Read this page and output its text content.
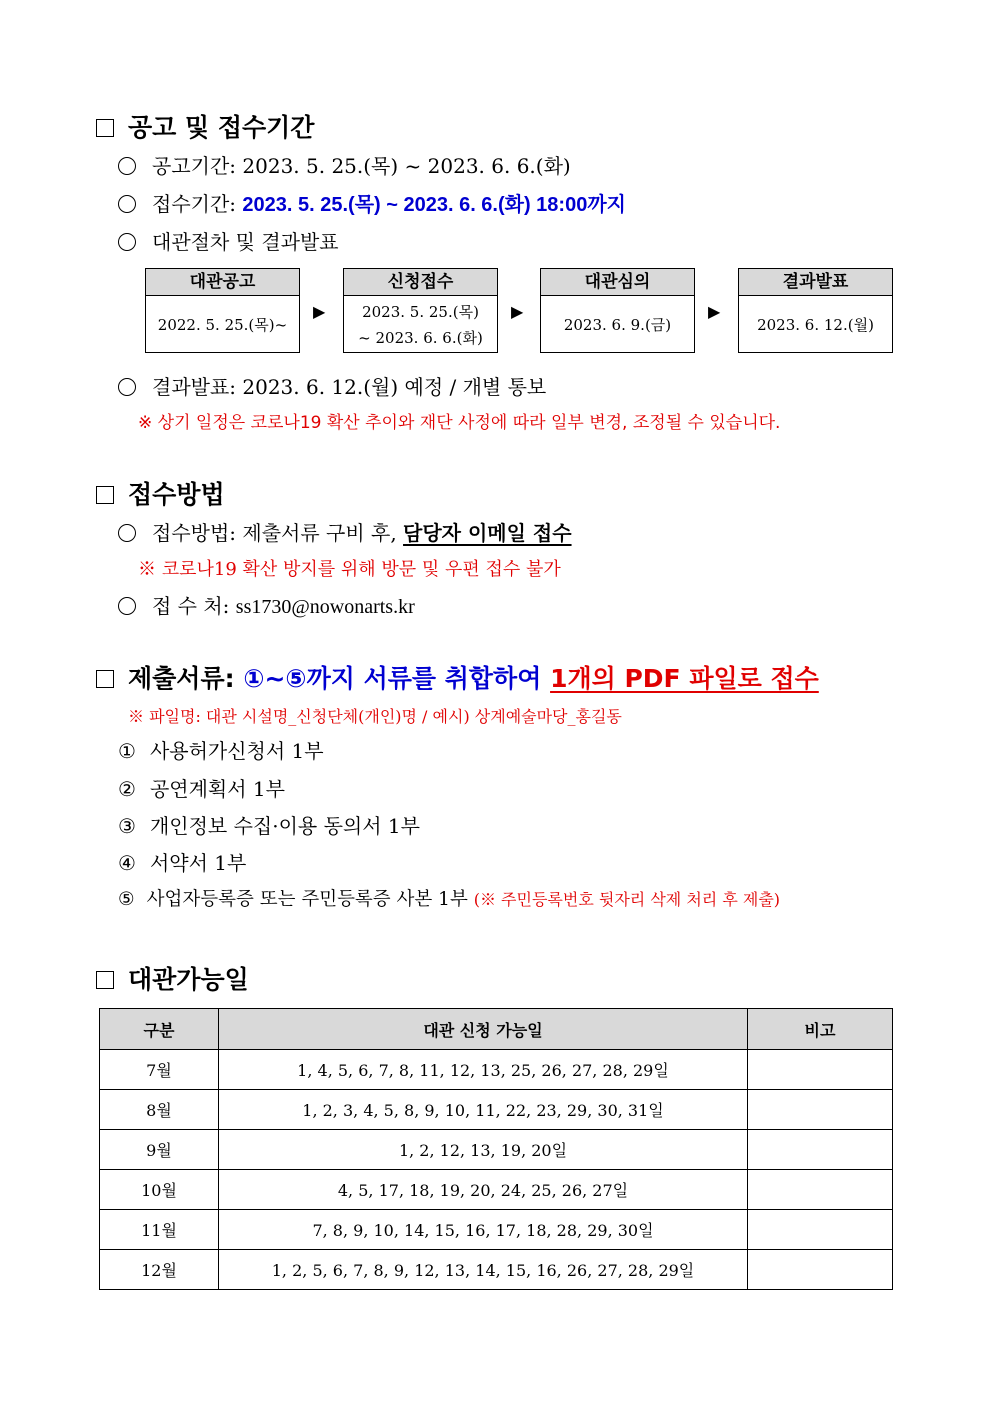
공고 및 접수기간
공고기간: 2023. 5. 25.(목) ~ 2023. 6. 6.(화)
접수기간: 2023. 5. 25.(목) ~ 2023. 6. 6.(화) 18:00까지
대관절차 및 결과발표
대관공고
2022. 5. 25.(목)~
▶
신청접수
2023. 5. 25.(목)
~ 2023. 6. 6.(화)
▶
대관심의
2023. 6. 9.(금)
▶
결과발표
2023. 6. 12.(월)
결과발표: 2023. 6. 12.(월) 예정 / 개별 통보
※ 상기 일정은 코로나19 확산 추이와 재단 사정에 따라 일부 변경, 조정될 수 있습니다.
접수방법
접수방법: 제출서류 구비 후, 담당자 이메일 접수
※ 코로나19 확산 방지를 위해 방문 및 우편 접수 불가
접 수 처: ss1730@nowonarts.kr
제출서류: ①~⑤까지 서류를 취합하여 1개의 PDF 파일로 접수
※ 파일명: 대관 시설명_신청단체(개인)명 / 예시) 상계예술마당_홍길동
① 사용허가신청서 1부
② 공연계획서 1부
③ 개인정보 수집·이용 동의서 1부
④ 서약서 1부
⑤ 사업자등록증 또는 주민등록증 사본 1부 (※ 주민등록번호 뒷자리 삭제 처리 후 제출)
대관가능일
구분	대관 신청 가능일	비고
7월	1, 4, 5, 6, 7, 8, 11, 12, 13, 25, 26, 27, 28, 29일	
8월	1, 2, 3, 4, 5, 8, 9, 10, 11, 22, 23, 29, 30, 31일	
9월	1, 2, 12, 13, 19, 20일	
10월	4, 5, 17, 18, 19, 20, 24, 25, 26, 27일	
11월	7, 8, 9, 10, 14, 15, 16, 17, 18, 28, 29, 30일	
12월	1, 2, 5, 6, 7, 8, 9, 12, 13, 14, 15, 16, 26, 27, 28, 29일	
